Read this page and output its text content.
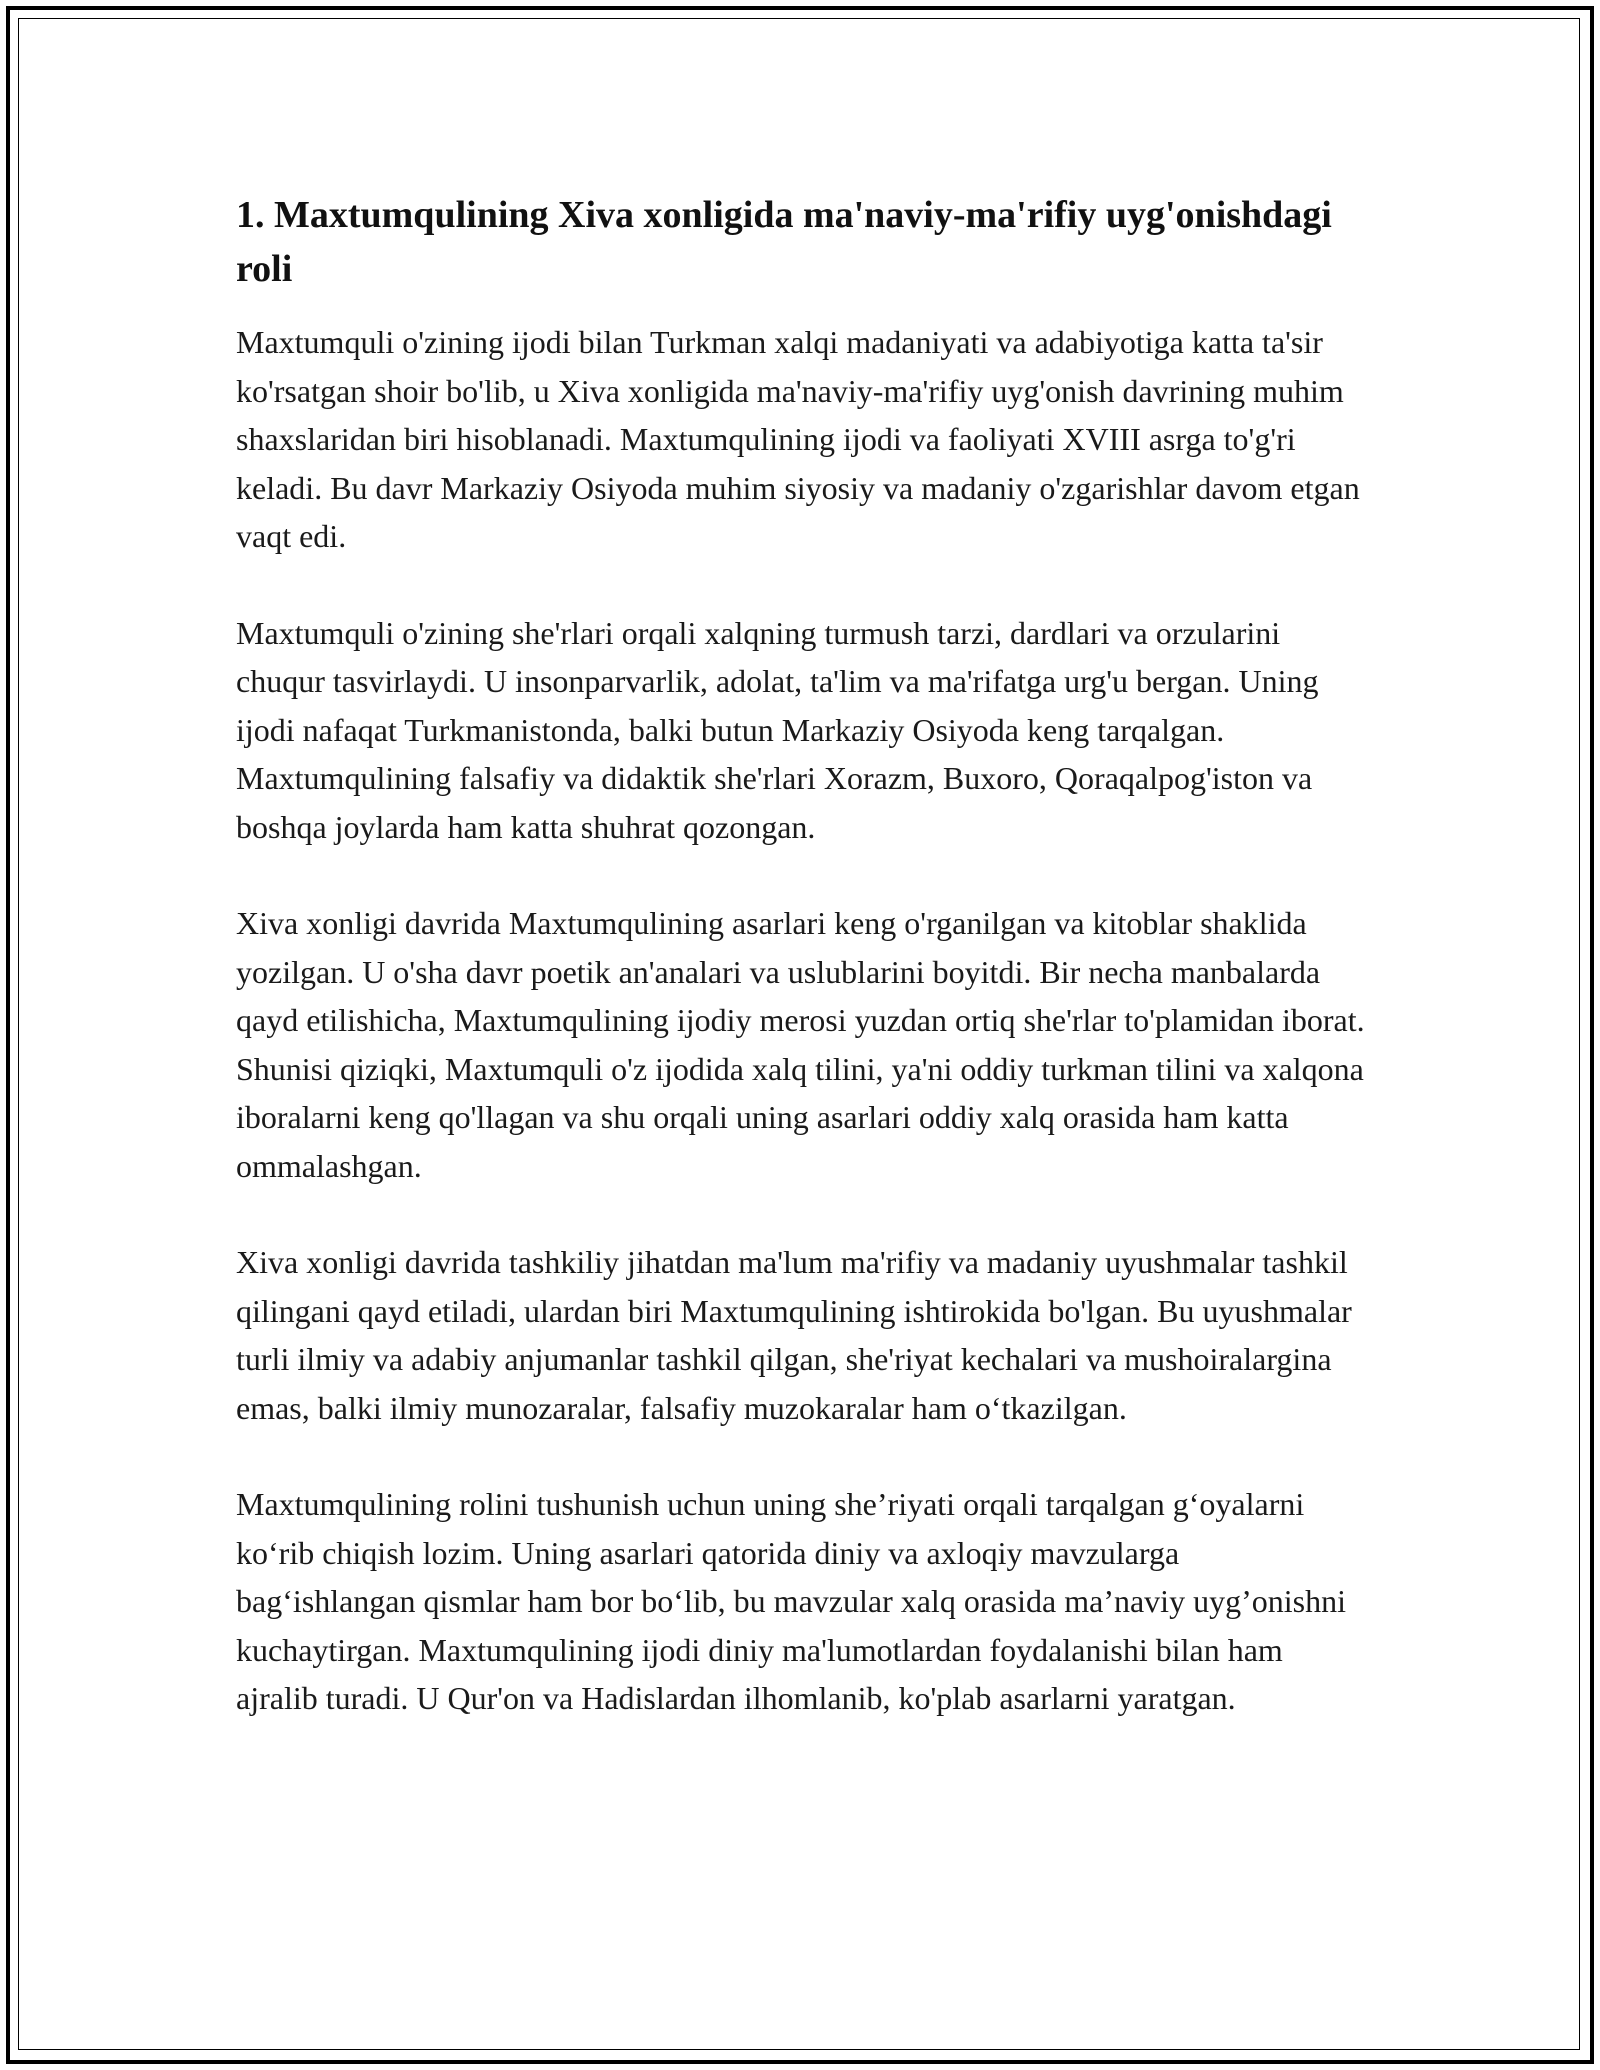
1. Maxtumqulining Xiva xonligida ma'naviy-ma'rifiy uyg'onishdagi roli

Maxtumquli o'zining ijodi bilan Turkman xalqi madaniyati va adabiyotiga katta ta'sir ko'rsatgan shoir bo'lib, u Xiva xonligida ma'naviy-ma'rifiy uyg'onish davrining muhim shaxslaridan biri hisoblanadi. Maxtumqulining ijodi va faoliyati XVIII asrga to'g'ri keladi. Bu davr Markaziy Osiyoda muhim siyosiy va madaniy o'zgarishlar davom etgan vaqt edi.

Maxtumquli o'zining she'rlari orqali xalqning turmush tarzi, dardlari va orzularini chuqur tasvirlaydi. U insonparvarlik, adolat, ta'lim va ma'rifatga urg'u bergan. Uning ijodi nafaqat Turkmanistonda, balki butun Markaziy Osiyoda keng tarqalgan. Maxtumqulining falsafiy va didaktik she'rlari Xorazm, Buxoro, Qoraqalpog'iston va boshqa joylarda ham katta shuhrat qozongan.

Xiva xonligi davrida Maxtumqulining asarlari keng o'rganilgan va kitoblar shaklida yozilgan. U o'sha davr poetik an'analari va uslublarini boyitdi. Bir necha manbalarda qayd etilishicha, Maxtumqulining ijodiy merosi yuzdan ortiq she'rlar to'plamidan iborat. Shunisi qiziqki, Maxtumquli o'z ijodida xalq tilini, ya'ni oddiy turkman tilini va xalqona iboralarni keng qo'llagan va shu orqali uning asarlari oddiy xalq orasida ham katta ommalashgan.

Xiva xonligi davrida tashkiliy jihatdan ma'lum ma'rifiy va madaniy uyushmalar tashkil qilingani qayd etiladi, ulardan biri Maxtumqulining ishtirokida bo'lgan. Bu uyushmalar turli ilmiy va adabiy anjumanlar tashkil qilgan, she'riyat kechalari va mushoiralargina emas, balki ilmiy munozaralar, falsafiy muzokaralar ham o‘tkazilgan.

Maxtumqulining rolini tushunish uchun uning she’riyati orqali tarqalgan g‘oyalarni ko‘rib chiqish lozim. Uning asarlari qatorida diniy va axloqiy mavzularga bag‘ishlangan qismlar ham bor bo‘lib, bu mavzular xalq orasida ma’naviy uyg’onishni kuchaytirgan. Maxtumqulining ijodi diniy ma'lumotlardan foydalanishi bilan ham ajralib turadi. U Qur'on va Hadislardan ilhomlanib, ko'plab asarlarni yaratgan.
